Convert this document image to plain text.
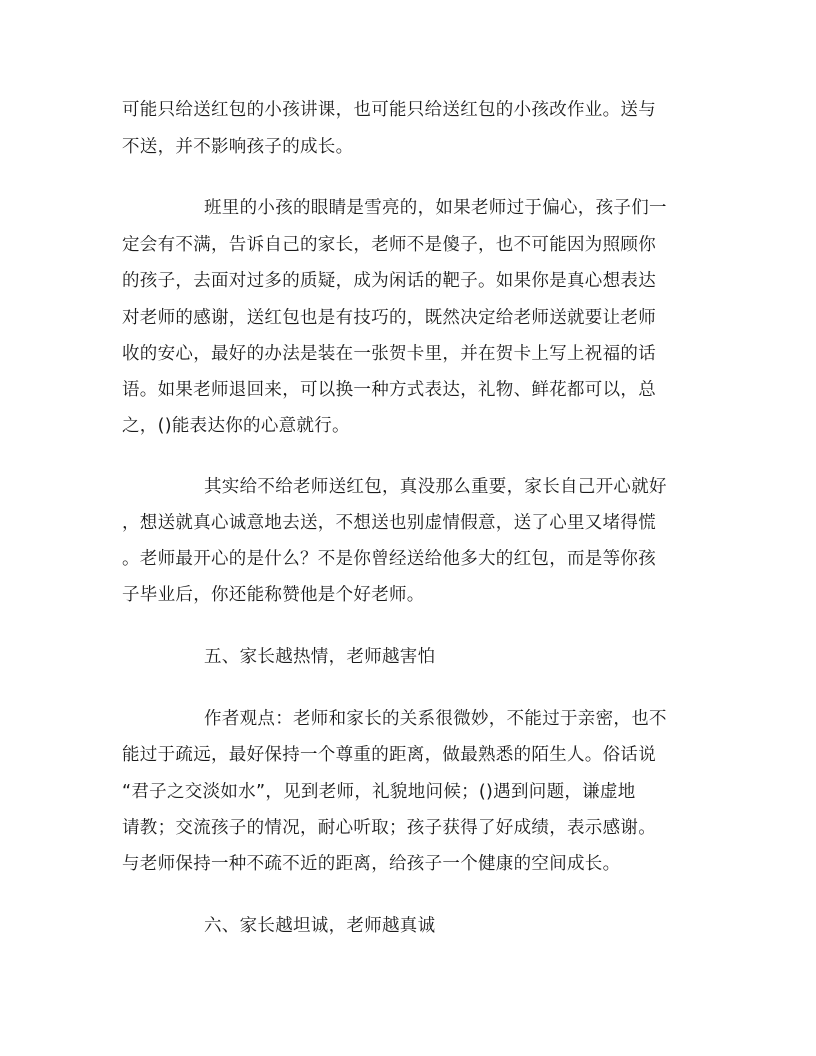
可能只给送红包的小孩讲课，也可能只给送红包的小孩改作业。送与
不送，并不影响孩子的成长。
班里的小孩的眼睛是雪亮的，如果老师过于偏心，孩子们一
定会有不满，告诉自己的家长，老师不是傻子，也不可能因为照顾你
的孩子，去面对过多的质疑，成为闲话的靶子。如果你是真心想表达
对老师的感谢，送红包也是有技巧的，既然决定给老师送就要让老师
收的安心，最好的办法是装在一张贺卡里，并在贺卡上写上祝福的话
语。如果老师退回来，可以换一种方式表达，礼物、鲜花都可以，总
之，()能表达你的心意就行。
其实给不给老师送红包，真没那么重要，家长自己开心就好
，想送就真心诚意地去送，不想送也别虚情假意，送了心里又堵得慌
。老师最开心的是什么？不是你曾经送给他多大的红包，而是等你孩
子毕业后，你还能称赞他是个好老师。
五、家长越热情，老师越害怕
作者观点：老师和家长的关系很微妙，不能过于亲密，也不
能过于疏远，最好保持一个尊重的距离，做最熟悉的陌生人。俗话说
“君子之交淡如水”，见到老师，礼貌地问候；()遇到问题，谦虚地
请教；交流孩子的情况，耐心听取；孩子获得了好成绩，表示感谢。
与老师保持一种不疏不近的距离，给孩子一个健康的空间成长。
六、家长越坦诚，老师越真诚
